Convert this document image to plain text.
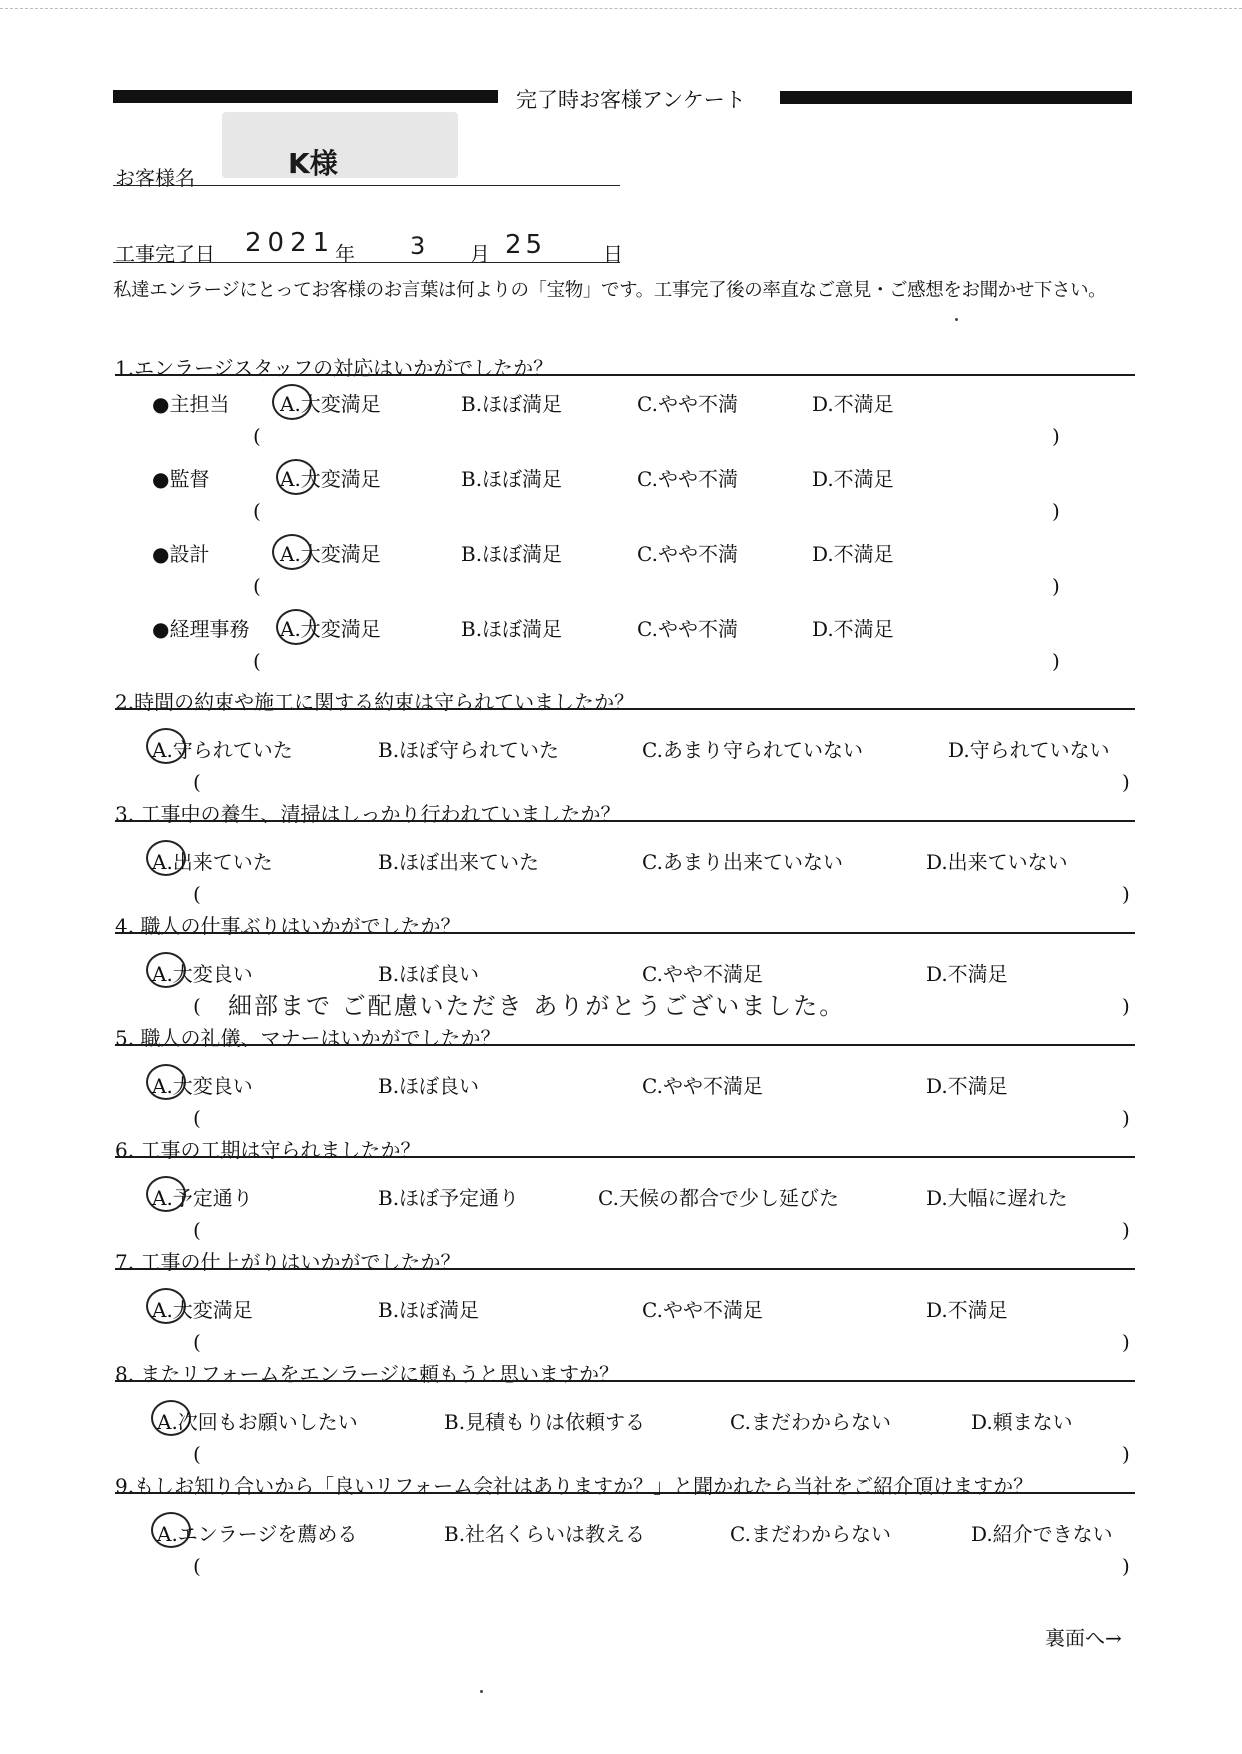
完了時お客様アンケート
お客様名	K様
工事完了日 2021 年 3 月 25	日
私達エンラージにとってお客様のお言葉は何よりの「宝物」です。工事完了後の率直なご意見・ご感想をお聞かせ下さい。
1.エンラージスタッフの対応はいかがでしたか？
●主担当	A.大変満足	B.ほぼ満足	C.やや不満	D.不満足
(	)
●監督	A.大変満足	B.ほぼ満足	C.やや不満	D.不満足
(	)
●設計	A.大変満足	B.ほぼ満足	C.やや不満	D.不満足
(	)
●経理事務 A.大変満足	B.ほぼ満足	C.やや不満	D.不満足
(	)
2.時間の約束や施工に関する約束は守られていましたか？
A.守られていた	B.ほぼ守られていた	C.あまり守られていない	D.守られていない
(	)
3. 工事中の養生、清掃はしっかり行われていましたか？
A.出来ていた	B.ほぼ出来ていた	C.あまり出来ていない	D.出来ていない
(	)
4. 職人の仕事ぶりはいかがでしたか？
A.大変良い	B.ほぼ良い	C.やや不満足	D.不満足
( 細部まで ご配慮いただき ありがとうございました。	)
5. 職人の礼儀、マナーはいかがでしたか？
A.大変良い	B.ほぼ良い	C.やや不満足	D.不満足
(	)
6. 工事の工期は守られましたか？
A.予定通り	B.ほぼ予定通り	C.天候の都合で少し延びた	D.大幅に遅れた
(	)
7. 工事の仕上がりはいかがでしたか？
A.大変満足	B.ほぼ満足	C.やや不満足	D.不満足
(	)
8. またリフォームをエンラージに頼もうと思いますか？
A.次回もお願いしたい	B.見積もりは依頼する	C.まだわからない	D.頼まない
(	)
9.もしお知り合いから「良いリフォーム会社はありますか？」と聞かれたら当社をご紹介頂けますか？
A.エンラージを薦める	B.社名くらいは教える	C.まだわからない	D.紹介できない
(	)
裏面へ→
